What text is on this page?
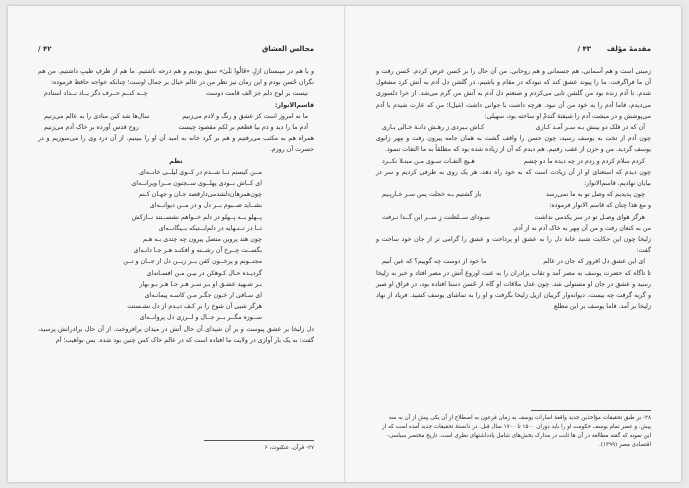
۴۲ /	مجالس العشاق

و با هم در میبستان ازلِ «قَالُوا بَلَیٰ» سبق بودیم و هم درجه باشتیم. ما هم از ظرفِ طیبِ داشتیم. من هم نگران حُسن بودم و این زمان نیز نظر من در عالم خیال بر جمال اوست؛ چنانکه خواجه حافظ فرموده:

نیست بر لوح دلم جز الف قامت دوست
چــه کنــم حــرف دگر یــاد نــداد استادم

قاسم‌الانوار:

ما نه امروز است کز عشق و رنگ و لادم می‌زنیم
سال‌ها شد کین منادی را به عالم می‌زنیم
آدم ما را دید و دم بیا قطعم بر لکم مقصود چیست
روح قدس آورده بر خاک آدم می‌زنیم

همراه هم به مکتب می‌رفتیم و هم بر گرد خانه به امید آن او را ببینیم. از آن درد وی را می‌سوزیم و در حسرت آن روزم.

نظم

مــن کیستم تــا شــدم در کــوی لیلــی خانــه‌ای
ای کــاش بــودی پهلــوی ســجنون مــرا ویرانــه‌ای
چون‌همرهان‌دلشدمی‌دارقصد جـان و جهـان کـنم
بشــاید صــبوم بــر دل و در مــن دیوانــه‌ای
پــهلو بــه پــهلو در دلم خــواهم نشســتند نــازکش
تــا در تــنـهایه در دلم‌ابــتبکه بــیگانــه‌ای
چون هند پروین متصل پیرون چه چندی بـه هـم
بگســت چــرخ آن رشــته و افکنـد هـر جـا دانـه‌ای
مجنــونم و پرخــون کفن بــر زیــن دل از جــان و تــن
گردیـده حـال کـوهکن در بیـن مـن افسـانه‌ای
بـر شـهید عشـق او بـر سـر هـر جـا هـر بـو بهار
ای سـاقی ار خـون جگـر مـن کاسـه پیمانـه‌ای
هرگز شبی آن شوخ را بر کـف دیـدم از دل نشـستت
ســوزه مگــر بــر جــال و لــرزی دل پروانــه‌ای

دل زلیخا بر عشق پیوست و بر آن شیدای آن حال آتش در میدان برافروخت. از آن حال برادرانش پرسید، گفت: به یک بار آوازی در ولایت ما افتاده است که در عالم خاک کس چنین بود شده. بس نواهیب؛ اَم

۲۷- قرآن، عنکبوت، ۶
مقدمهٔ مؤلف
۴۳ /

زمینی است و هم آسمانی، هم جسمانی و هم روحانی. من آن حال را بر حُسن عرض کردم. حُسن رفت و آن ما فراگرفت. ما را پیوند عشق کند که تبودکه در مقام و باشیم، در گلشن دل آدم به آتش کرد مشغول شدم. تا آدم زنده بود من گلشن تابی می‌کردم و صنعتم دل آدم به آتش من گرم می‌شد. از حرا دلسوزی می‌دیدم، فاما آدم را به خود من آن نبود. هرچه داشت با جوانی داشت (مَیل)؛ من که عارت شیدم با آدم می‌پوشش و در میشت آدم را شیفتهٔ گندمْ او ساخته بود، سهیلی:

آن که در فلک دو بینش بـه سـر آمـد کـاری
کـاش بـبردی ز رهـش دانـهٔ خـالی یـاری

چون آدم از تخت به یوسف رسید، چون حسن را واقف گشت به همان جامه پیرون رفت و مِهر زانوی یوسف گردید. من و حزن از عقب رفتیم. هم دیدم که آن از زیاده شده بود که مطلقاً به ما التفات ننمود.

کردم سلام کردم و زدم در چه دیده ما دو چشم
هـیچ التفـات سـوی مـن مبتـلا نکــرد

چون دیدم که استغنای او از آن زیادت است که به خود راه دهد، هر یک روی به طرفی کردیم و سر در بیابان نهادیم، قاسم‌الانوار:

چون پدیدیم که وصل تو به ما نمی‌رسد
باز گشتیم بـه خجلت پس سـر خـارپـیم

و مع هذا چنان که قاسم الانوار فرموده:

هرگز هوای وصـل تو در سر یکدمی نداشت
سـودای ســلطنت زِ ســر این گــدا نـرفت

من به کنعان رفت و من آن مِهر به خاک آدم نه از آدم.

زلیخا چون این حکایت شنید خانهٔ دل را به عشق او پرداخت و عشق را گرامی تر از جان خود ساخت و گفت:

ای این عشق دل افروز که جان در عالم
ما خود از دوست چه گوییم؟ که عین آنیم

تا تاگاه که حضرت یوسف به مصر آمد و تقاب برادران را به عنت اوروغ آتش در مصر افتاد و خبر به زلیخا رسید و عشق در جان او مستولی شد. چون عدل ملاقات او گاه از حُسن دستا افتاده بود، در فراق او صبر و گریه گرفت چه بیست. دیوانه‌وار گریبان ازیل زلیخا بگرفت و او را به تماشای یوسف کشید. فریاد از نهاد زلیخا بر آمد. فاما یوسف بر این مطلع

۲۸- بر طبق تحقیقات مؤاخذین جدید واقعهٔ اسارات یوسف به زمان فرعون به اصطلاح از آن یکی پیش از آن به سه پیش. و عصر تمام یوسف حکومت او را باید دوران ۱۵۰۰ تا ۱۷۰۰ سال قبل. در دانستهٔ تحقیقات جدید آمده است که از این نمونه که گفته مطالعه در آن ها ثابت در مدارک بخش‌های شامل یادداشتها‌ی نظری است. تاریخ مختصر سیاسی-اقتصادی مصر (۱۳۹۹).
